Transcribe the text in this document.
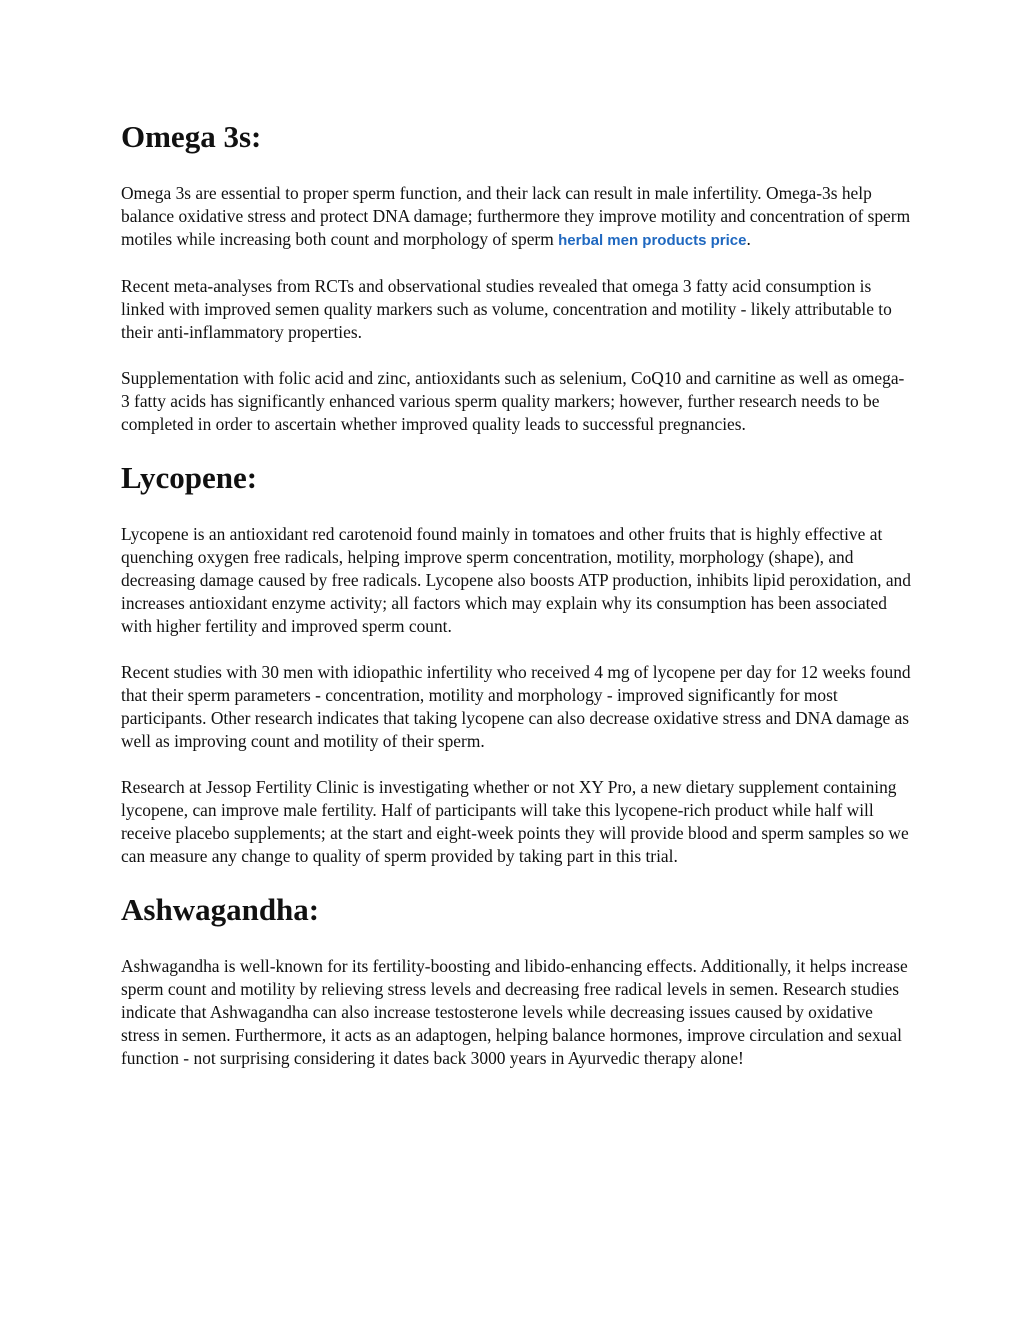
Omega 3s:

Omega 3s are essential to proper sperm function, and their lack can result in male infertility. Omega-3s help balance oxidative stress and protect DNA damage; furthermore they improve motility and concentration of sperm motiles while increasing both count and morphology of sperm herbal men products price.

Recent meta-analyses from RCTs and observational studies revealed that omega 3 fatty acid consumption is linked with improved semen quality markers such as volume, concentration and motility - likely attributable to their anti-inflammatory properties.

Supplementation with folic acid and zinc, antioxidants such as selenium, CoQ10 and carnitine as well as omega-3 fatty acids has significantly enhanced various sperm quality markers; however, further research needs to be completed in order to ascertain whether improved quality leads to successful pregnancies.

Lycopene:

Lycopene is an antioxidant red carotenoid found mainly in tomatoes and other fruits that is highly effective at quenching oxygen free radicals, helping improve sperm concentration, motility, morphology (shape), and decreasing damage caused by free radicals. Lycopene also boosts ATP production, inhibits lipid peroxidation, and increases antioxidant enzyme activity; all factors which may explain why its consumption has been associated with higher fertility and improved sperm count.

Recent studies with 30 men with idiopathic infertility who received 4 mg of lycopene per day for 12 weeks found that their sperm parameters - concentration, motility and morphology - improved significantly for most participants. Other research indicates that taking lycopene can also decrease oxidative stress and DNA damage as well as improving count and motility of their sperm.

Research at Jessop Fertility Clinic is investigating whether or not XY Pro, a new dietary supplement containing lycopene, can improve male fertility. Half of participants will take this lycopene-rich product while half will receive placebo supplements; at the start and eight-week points they will provide blood and sperm samples so we can measure any change to quality of sperm provided by taking part in this trial.

Ashwagandha:

Ashwagandha is well-known for its fertility-boosting and libido-enhancing effects. Additionally, it helps increase sperm count and motility by relieving stress levels and decreasing free radical levels in semen. Research studies indicate that Ashwagandha can also increase testosterone levels while decreasing issues caused by oxidative stress in semen. Furthermore, it acts as an adaptogen, helping balance hormones, improve circulation and sexual function - not surprising considering it dates back 3000 years in Ayurvedic therapy alone!
